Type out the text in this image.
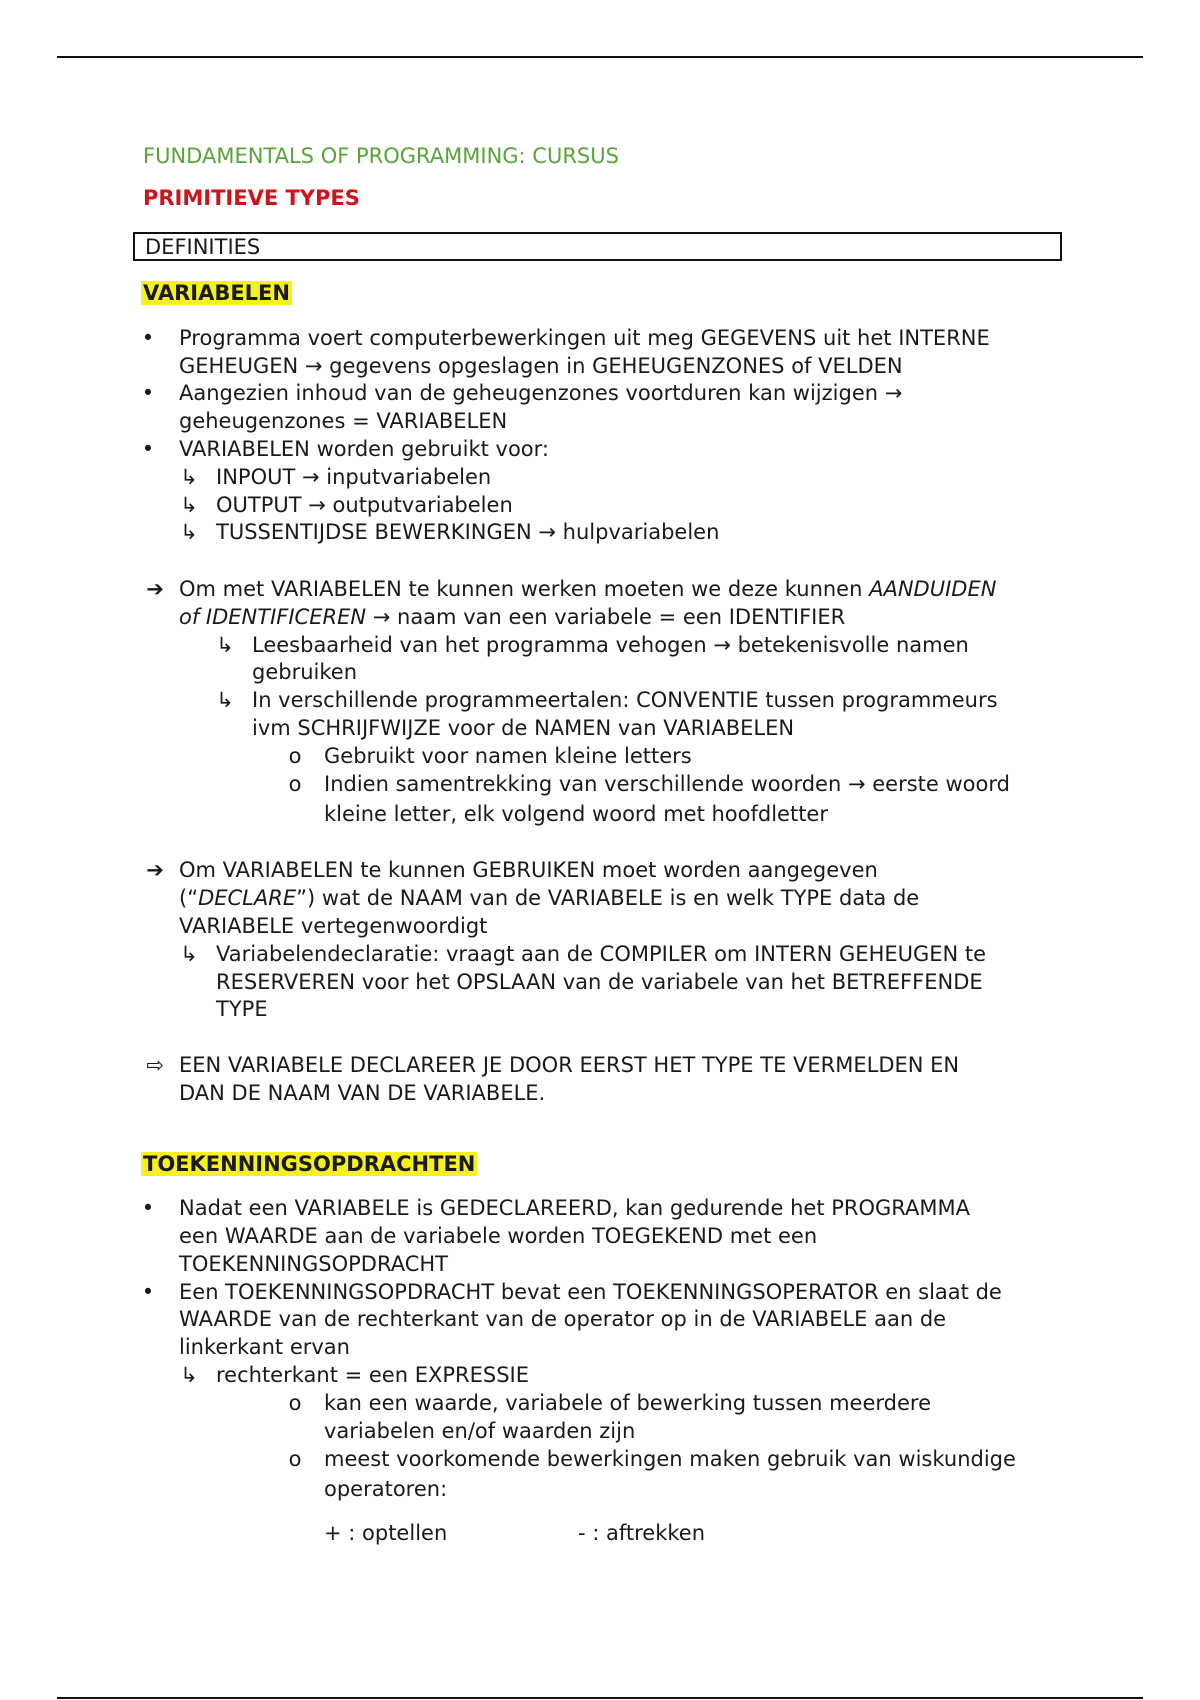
FUNDAMENTALS OF PROGRAMMING: CURSUS
PRIMITIEVE TYPES
DEFINITIES
VARIABELEN
• Programma voert computerbewerkingen uit meg GEGEVENS uit het INTERNE
GEHEUGEN → gegevens opgeslagen in GEHEUGENZONES of VELDEN
• Aangezien inhoud van de geheugenzones voortduren kan wijzigen →
geheugenzones = VARIABELEN
• VARIABELEN worden gebruikt voor:
↳ INPOUT → inputvariabelen
↳ OUTPUT → outputvariabelen
↳ TUSSENTIJDSE BEWERKINGEN → hulpvariabelen
➔ Om met VARIABELEN te kunnen werken moeten we deze kunnen AANDUIDEN
of IDENTIFICEREN → naam van een variabele = een IDENTIFIER
↳ Leesbaarheid van het programma vehogen → betekenisvolle namen
gebruiken
↳ In verschillende programmeertalen: CONVENTIE tussen programmeurs
ivm SCHRIJFWIJZE voor de NAMEN van VARIABELEN
o Gebruikt voor namen kleine letters
o Indien samentrekking van verschillende woorden → eerste woord
kleine letter, elk volgend woord met hoofdletter
➔ Om VARIABELEN te kunnen GEBRUIKEN moet worden aangegeven
(“DECLARE”) wat de NAAM van de VARIABELE is en welk TYPE data de
VARIABELE vertegenwoordigt
↳ Variabelendeclaratie: vraagt aan de COMPILER om INTERN GEHEUGEN te
RESERVEREN voor het OPSLAAN van de variabele van het BETREFFENDE
TYPE
⇨ EEN VARIABELE DECLAREER JE DOOR EERST HET TYPE TE VERMELDEN EN
DAN DE NAAM VAN DE VARIABELE.
TOEKENNINGSOPDRACHTEN
• Nadat een VARIABELE is GEDECLAREERD, kan gedurende het PROGRAMMA
een WAARDE aan de variabele worden TOEGEKEND met een
TOEKENNINGSOPDRACHT
• Een TOEKENNINGSOPDRACHT bevat een TOEKENNINGSOPERATOR en slaat de
WAARDE van de rechterkant van de operator op in de VARIABELE aan de
linkerkant ervan
↳ rechterkant = een EXPRESSIE
o kan een waarde, variabele of bewerking tussen meerdere
variabelen en/of waarden zijn
o meest voorkomende bewerkingen maken gebruik van wiskundige
operatoren:
+ : optellen	- : aftrekken
